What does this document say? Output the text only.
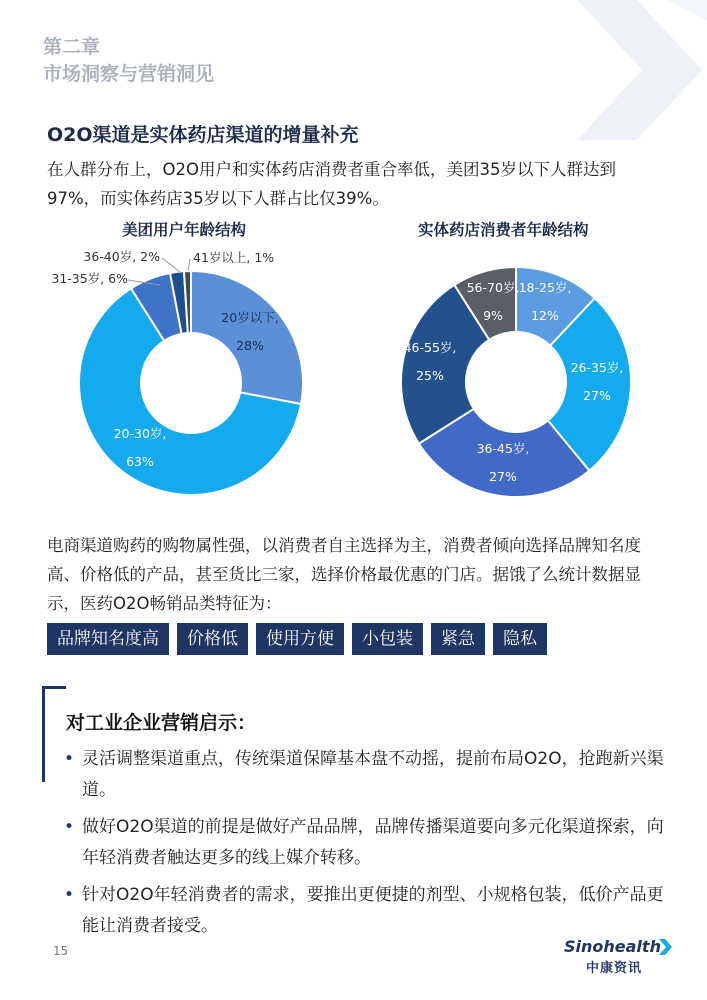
第二章
市场洞察与营销洞见
O2O渠道是实体药店渠道的增量补充
在人群分布上，O2O用户和实体药店消费者重合率低，美团35岁以下人群达到97%，而实体药店35岁以下人群占比仅39%。
美团用户年龄结构	实体药店消费者年龄结构
20岁以下,
28%
20-30岁,
63%
31-35岁, 6%
36-40岁, 2%	41岁以上, 1%
18-25岁,
12%
26-35岁,
27%
36-45岁,
27%
46-55岁,
25%
56-70岁,
9%
电商渠道购药的购物属性强，以消费者自主选择为主，消费者倾向选择品牌知名度高、价格低的产品，甚至货比三家，选择价格最优惠的门店。据饿了么统计数据显示，医药O2O畅销品类特征为：
品牌知名度高	价格低	使用方便	小包装	紧急	隐私
对工业企业营销启示：
• 灵活调整渠道重点，传统渠道保障基本盘不动摇，提前布局O2O，抢跑新兴渠道。
• 做好O2O渠道的前提是做好产品品牌，品牌传播渠道要向多元化渠道探索，向年轻消费者触达更多的线上媒介转移。
• 针对O2O年轻消费者的需求，要推出更便捷的剂型、小规格包装，低价产品更能让消费者接受。
15	Sinohealth
中康资讯
